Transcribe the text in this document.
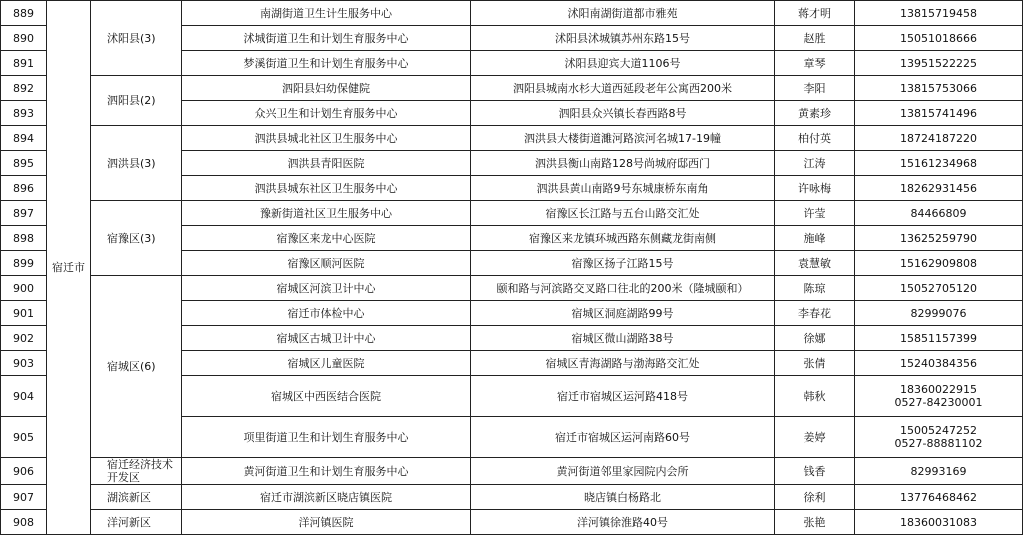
889	宿迁市	沭阳县(3)	南湖街道卫生计生服务中心	沭阳南湖街道都市雅苑	蒋才明	13815719458

890			沭城街道卫生和计划生育服务中心	沭阳县沭城镇苏州东路15号	赵胜	15051018666

891			梦溪街道卫生和计划生育服务中心	沭阳县迎宾大道1106号	章琴	13951522225

892		泗阳县(2)	泗阳县妇幼保健院	泗阳县城南水杉大道西延段老年公寓西200米	李阳	13815753066

893			众兴卫生和计划生育服务中心	泗阳县众兴镇长春西路8号	黄素珍	13815741496

894		泗洪县(3)	泗洪县城北社区卫生服务中心	泗洪县大楼街道濉河路滨河名城17-19幢	柏付英	18724187220

895			泗洪县青阳医院	泗洪县衡山南路128号尚城府邸西门	江涛	15161234968

896			泗洪县城东社区卫生服务中心	泗洪县黄山南路9号东城康桥东南角	许咏梅	18262931456

897		宿豫区(3)	豫新街道社区卫生服务中心	宿豫区长江路与五台山路交汇处	许莹	84466809

898			宿豫区来龙中心医院	宿豫区来龙镇环城西路东侧藏龙街南侧	施峰	13625259790

899			宿豫区顺河医院	宿豫区扬子江路15号	袁慧敏	15162909808

900		宿城区(6)	宿城区河滨卫计中心	颐和路与河滨路交叉路口往北的200米（隆城颐和）	陈琼	15052705120

901			宿迁市体检中心	宿城区洞庭湖路99号	李春花	82999076

902			宿城区古城卫计中心	宿城区微山湖路38号	徐娜	15851157399

903			宿城区儿童医院	宿城区青海湖路与渤海路交汇处	张倩	15240384356

904			宿城区中西医结合医院	宿迁市宿城区运河路418号	韩秋	18360022915
0527-84230001

905			项里街道卫生和计划生育服务中心	宿迁市宿城区运河南路60号	姜婷	15005247252
0527-88881102

906		宿迁经济技术开发区	黄河街道卫生和计划生育服务中心	黄河街道邻里家园院内会所	钱香	82993169

907		湖滨新区	宿迁市湖滨新区晓店镇医院	晓店镇白杨路北	徐利	13776468462

908		洋河新区	洋河镇医院	洋河镇徐淮路40号	张艳	18360031083
